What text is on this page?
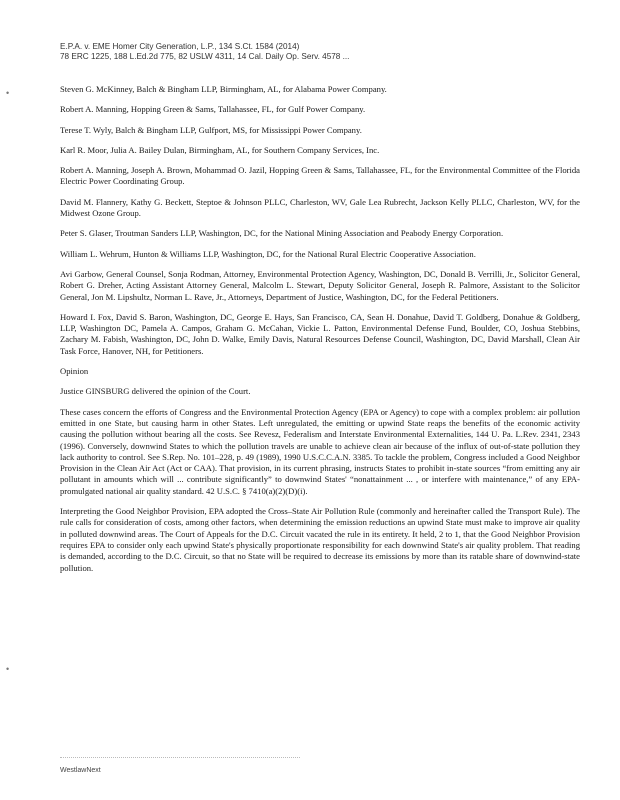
E.P.A. v. EME Homer City Generation, L.P., 134 S.Ct. 1584 (2014)
78 ERC 1225, 188 L.Ed.2d 775, 82 USLW 4311, 14 Cal. Daily Op. Serv. 4578 ...
•
•

Steven G. McKinney, Balch & Bingham LLP, Birmingham, AL, for Alabama Power Company.

Robert A. Manning, Hopping Green & Sams, Tallahassee, FL, for Gulf Power Company.

Terese T. Wyly, Balch & Bingham LLP, Gulfport, MS, for Mississippi Power Company.

Karl R. Moor, Julia A. Bailey Dulan, Birmingham, AL, for Southern Company Services, Inc.

Robert A. Manning, Joseph A. Brown, Mohammad O. Jazil, Hopping Green & Sams, Tallahassee, FL, for the Environmental Committee of the Florida Electric Power Coordinating Group.

David M. Flannery, Kathy G. Beckett, Steptoe & Johnson PLLC, Charleston, WV, Gale Lea Rubrecht, Jackson Kelly PLLC, Charleston, WV, for the Midwest Ozone Group.

Peter S. Glaser, Troutman Sanders LLP, Washington, DC, for the National Mining Association and Peabody Energy Corporation.

William L. Wehrum, Hunton & Williams LLP, Washington, DC, for the National Rural Electric Cooperative Association.

Avi Garbow, General Counsel, Sonja Rodman, Attorney, Environmental Protection Agency, Washington, DC, Donald B. Verrilli, Jr., Solicitor General, Robert G. Dreher, Acting Assistant Attorney General, Malcolm L. Stewart, Deputy Solicitor General, Joseph R. Palmore, Assistant to the Solicitor General, Jon M. Lipshultz, Norman L. Rave, Jr., Attorneys, Department of Justice, Washington, DC, for the Federal Petitioners.

Howard I. Fox, David S. Baron, Washington, DC, George E. Hays, San Francisco, CA, Sean H. Donahue, David T. Goldberg, Donahue & Goldberg, LLP, Washington DC, Pamela A. Campos, Graham G. McCahan, Vickie L. Patton, Environmental Defense Fund, Boulder, CO, Joshua Stebbins, Zachary M. Fabish, Washington, DC, John D. Walke, Emily Davis, Natural Resources Defense Council, Washington, DC, David Marshall, Clean Air Task Force, Hanover, NH, for Petitioners.

Opinion

Justice GINSBURG delivered the opinion of the Court.

These cases concern the efforts of Congress and the Environmental Protection Agency (EPA or Agency) to cope with a complex problem: air pollution emitted in one State, but causing harm in other States. Left unregulated, the emitting or upwind State reaps the benefits of the economic activity causing the pollution without bearing all the costs. See Revesz, Federalism and Interstate Environmental Externalities, 144 U. Pa. L.Rev. 2341, 2343 (1996). Conversely, downwind States to which the pollution travels are unable to achieve clean air because of the influx of out-of-state pollution they lack authority to control. See S.Rep. No. 101–228, p. 49 (1989), 1990 U.S.C.C.A.N. 3385. To tackle the problem, Congress included a Good Neighbor Provision in the Clean Air Act (Act or CAA). That provision, in its current phrasing, instructs States to prohibit in-state sources “from emitting any air pollutant in amounts which will ... contribute significantly” to downwind States' “nonattainment ... , or interfere with maintenance,” of any EPA-promulgated national air quality standard. 42 U.S.C. § 7410(a)(2)(D)(i).

Interpreting the Good Neighbor Provision, EPA adopted the Cross–State Air Pollution Rule (commonly and hereinafter called the Transport Rule). The rule calls for consideration of costs, among other factors, when determining the emission reductions an upwind State must make to improve air quality in polluted downwind areas. The Court of Appeals for the D.C. Circuit vacated the rule in its entirety. It held, 2 to 1, that the Good Neighbor Provision requires EPA to consider only each upwind State's physically proportionate responsibility for each downwind State's air quality problem. That reading is demanded, according to the D.C. Circuit, so that no State will be required to decrease its emissions by more than its ratable share of downwind-state pollution.

WestlawNext
